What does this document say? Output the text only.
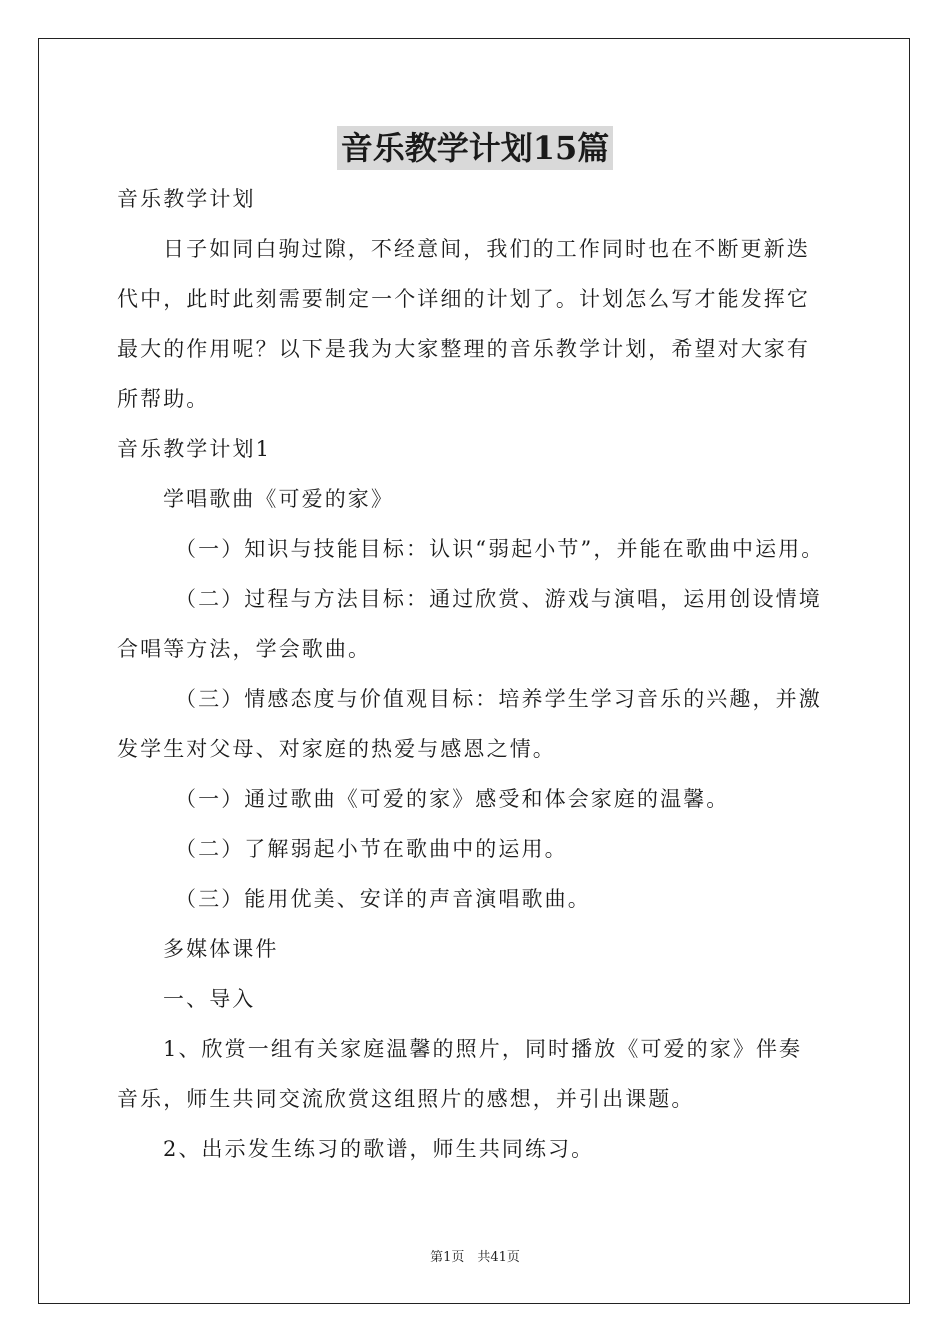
音乐教学计划15篇
音乐教学计划
日子如同白驹过隙，不经意间，我们的工作同时也在不断更新迭
代中，此时此刻需要制定一个详细的计划了。计划怎么写才能发挥它
最大的作用呢？以下是我为大家整理的音乐教学计划，希望对大家有
所帮助。
音乐教学计划1
学唱歌曲《可爱的家》
（一）知识与技能目标：认识“弱起小节”，并能在歌曲中运用。
（二）过程与方法目标：通过欣赏、游戏与演唱，运用创设情境
合唱等方法，学会歌曲。
（三）情感态度与价值观目标：培养学生学习音乐的兴趣，并激
发学生对父母、对家庭的热爱与感恩之情。
（一）通过歌曲《可爱的家》感受和体会家庭的温馨。
（二）了解弱起小节在歌曲中的运用。
（三）能用优美、安详的声音演唱歌曲。
多媒体课件
一、导入
1、欣赏一组有关家庭温馨的照片，同时播放《可爱的家》伴奏
音乐，师生共同交流欣赏这组照片的感想，并引出课题。
2、出示发生练习的歌谱，师生共同练习。
第1页　共41页
